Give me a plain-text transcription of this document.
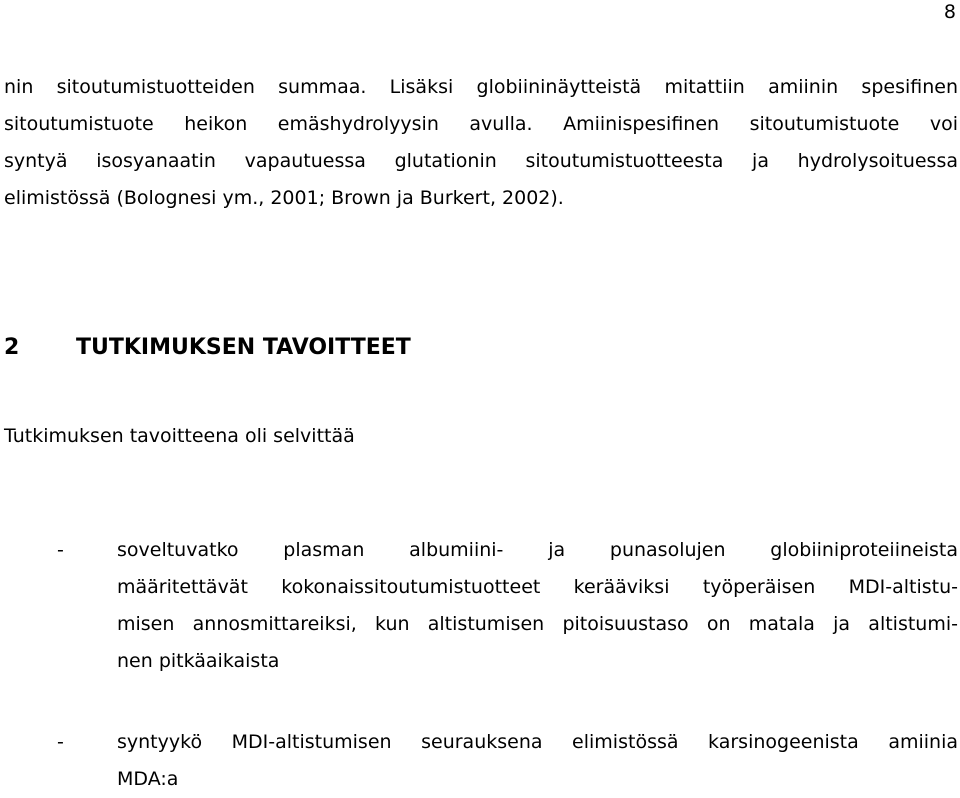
8
nin sitoutumistuotteiden summaa. Lisäksi globiininäytteistä mitattiin amiinin spesifinen
sitoutumistuote heikon emäshydrolyysin avulla. Amiinispesifinen sitoutumistuote voi
syntyä isosyanaatin vapautuessa glutationin sitoutumistuotteesta ja hydrolysoituessa
elimistössä (Bolognesi ym., 2001; Brown ja Burkert, 2002).
2	TUTKIMUKSEN TAVOITTEET
Tutkimuksen tavoitteena oli selvittää
-	soveltuvatko plasman albumiini- ja punasolujen globiiniproteiineista
määritettävät kokonaissitoutumistuotteet kerääviksi työperäisen MDI-altistu-
misen annosmittareiksi, kun altistumisen pitoisuustaso on matala ja altistumi-
nen pitkäaikaista
-	syntyykö MDI-altistumisen seurauksena elimistössä karsinogeenista amiinia
MDA:a
